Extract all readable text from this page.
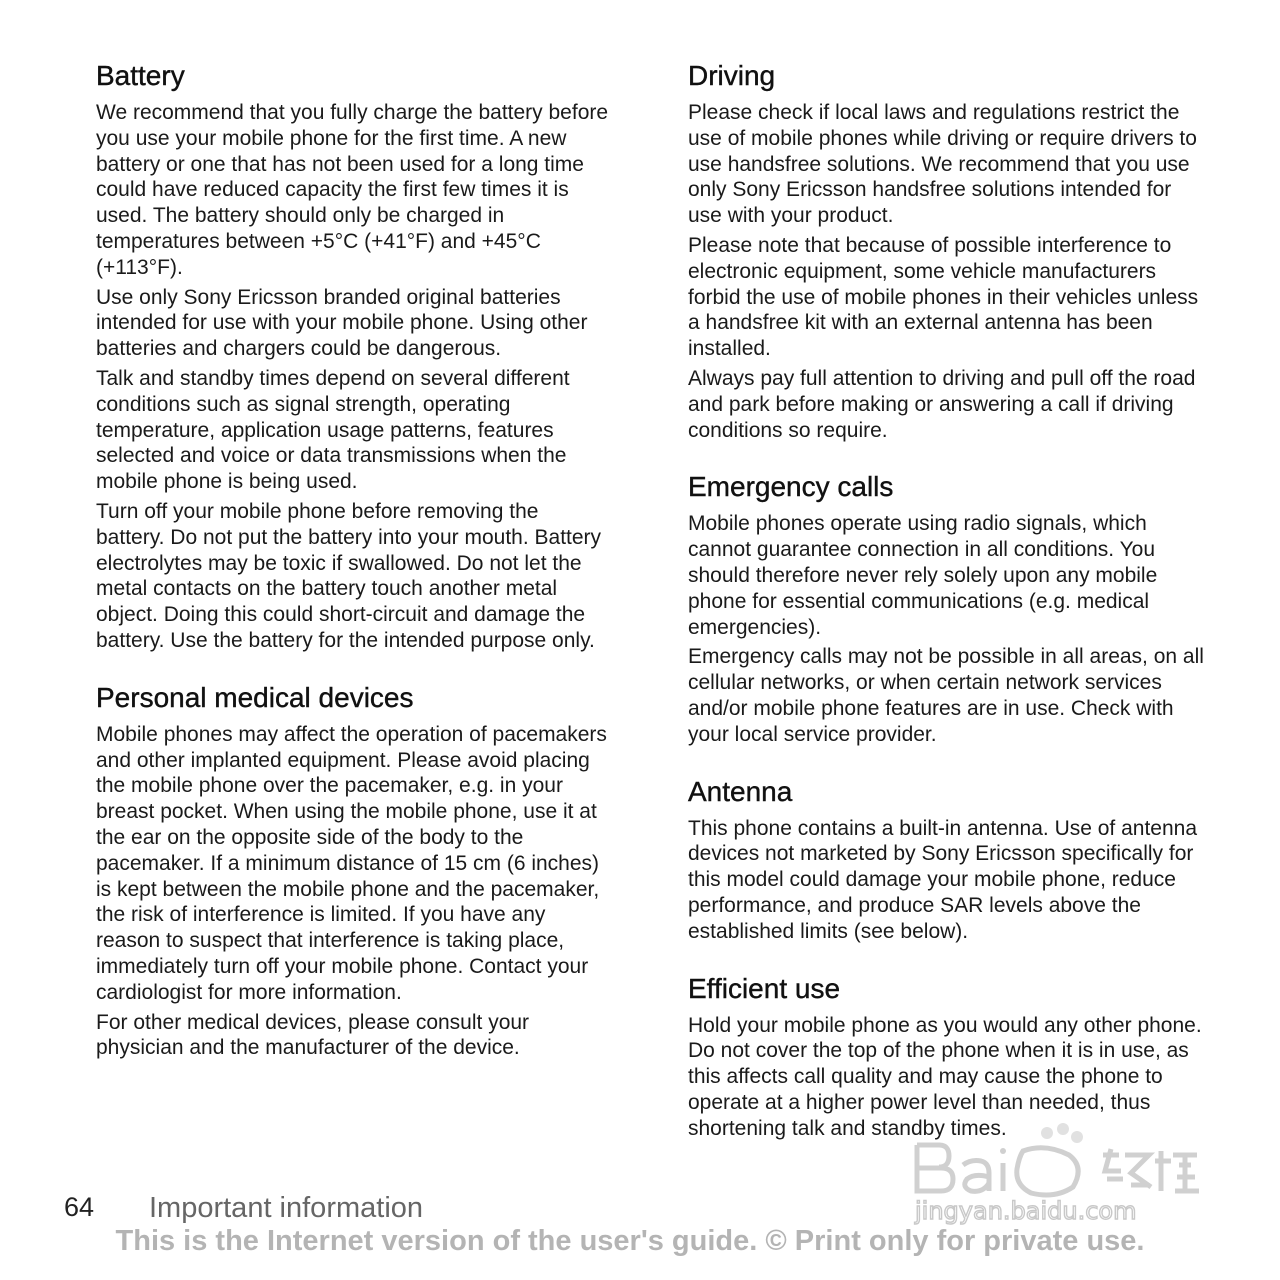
Battery

We recommend that you fully charge the battery before you use your mobile phone for the first time. A new battery or one that has not been used for a long time could have reduced capacity the first few times it is used. The battery should only be charged in temperatures between +5°C (+41°F) and +45°C (+113°F).

Use only Sony Ericsson branded original batteries intended for use with your mobile phone. Using other batteries and chargers could be dangerous.

Talk and standby times depend on several different conditions such as signal strength, operating temperature, application usage patterns, features selected and voice or data transmissions when the mobile phone is being used.

Turn off your mobile phone before removing the battery. Do not put the battery into your mouth. Battery electrolytes may be toxic if swallowed. Do not let the metal contacts on the battery touch another metal object. Doing this could short-circuit and damage the battery. Use the battery for the intended purpose only.

Personal medical devices

Mobile phones may affect the operation of pacemakers and other implanted equipment. Please avoid placing the mobile phone over the pacemaker, e.g. in your breast pocket. When using the mobile phone, use it at the ear on the opposite side of the body to the pacemaker. If a minimum distance of 15 cm (6 inches) is kept between the mobile phone and the pacemaker, the risk of interference is limited. If you have any reason to suspect that interference is taking place, immediately turn off your mobile phone. Contact your cardiologist for more information.

For other medical devices, please consult your physician and the manufacturer of the device.

Driving

Please check if local laws and regulations restrict the use of mobile phones while driving or require drivers to use handsfree solutions. We recommend that you use only Sony Ericsson handsfree solutions intended for use with your product.

Please note that because of possible interference to electronic equipment, some vehicle manufacturers forbid the use of mobile phones in their vehicles unless a handsfree kit with an external antenna has been installed.

Always pay full attention to driving and pull off the road and park before making or answering a call if driving conditions so require.

Emergency calls

Mobile phones operate using radio signals, which cannot guarantee connection in all conditions. You should therefore never rely solely upon any mobile phone for essential communications (e.g. medical emergencies).

Emergency calls may not be possible in all areas, on all cellular networks, or when certain network services and/or mobile phone features are in use. Check with your local service provider.

Antenna

This phone contains a built-in antenna. Use of antenna devices not marketed by Sony Ericsson specifically for this model could damage your mobile phone, reduce performance, and produce SAR levels above the established limits (see below).

Efficient use

Hold your mobile phone as you would any other phone. Do not cover the top of the phone when it is in use, as this affects call quality and may cause the phone to operate at a higher power level than needed, thus shortening talk and standby times.

jingyan.baidu.com
64 Important information
This is the Internet version of the user's guide. © Print only for private use.
